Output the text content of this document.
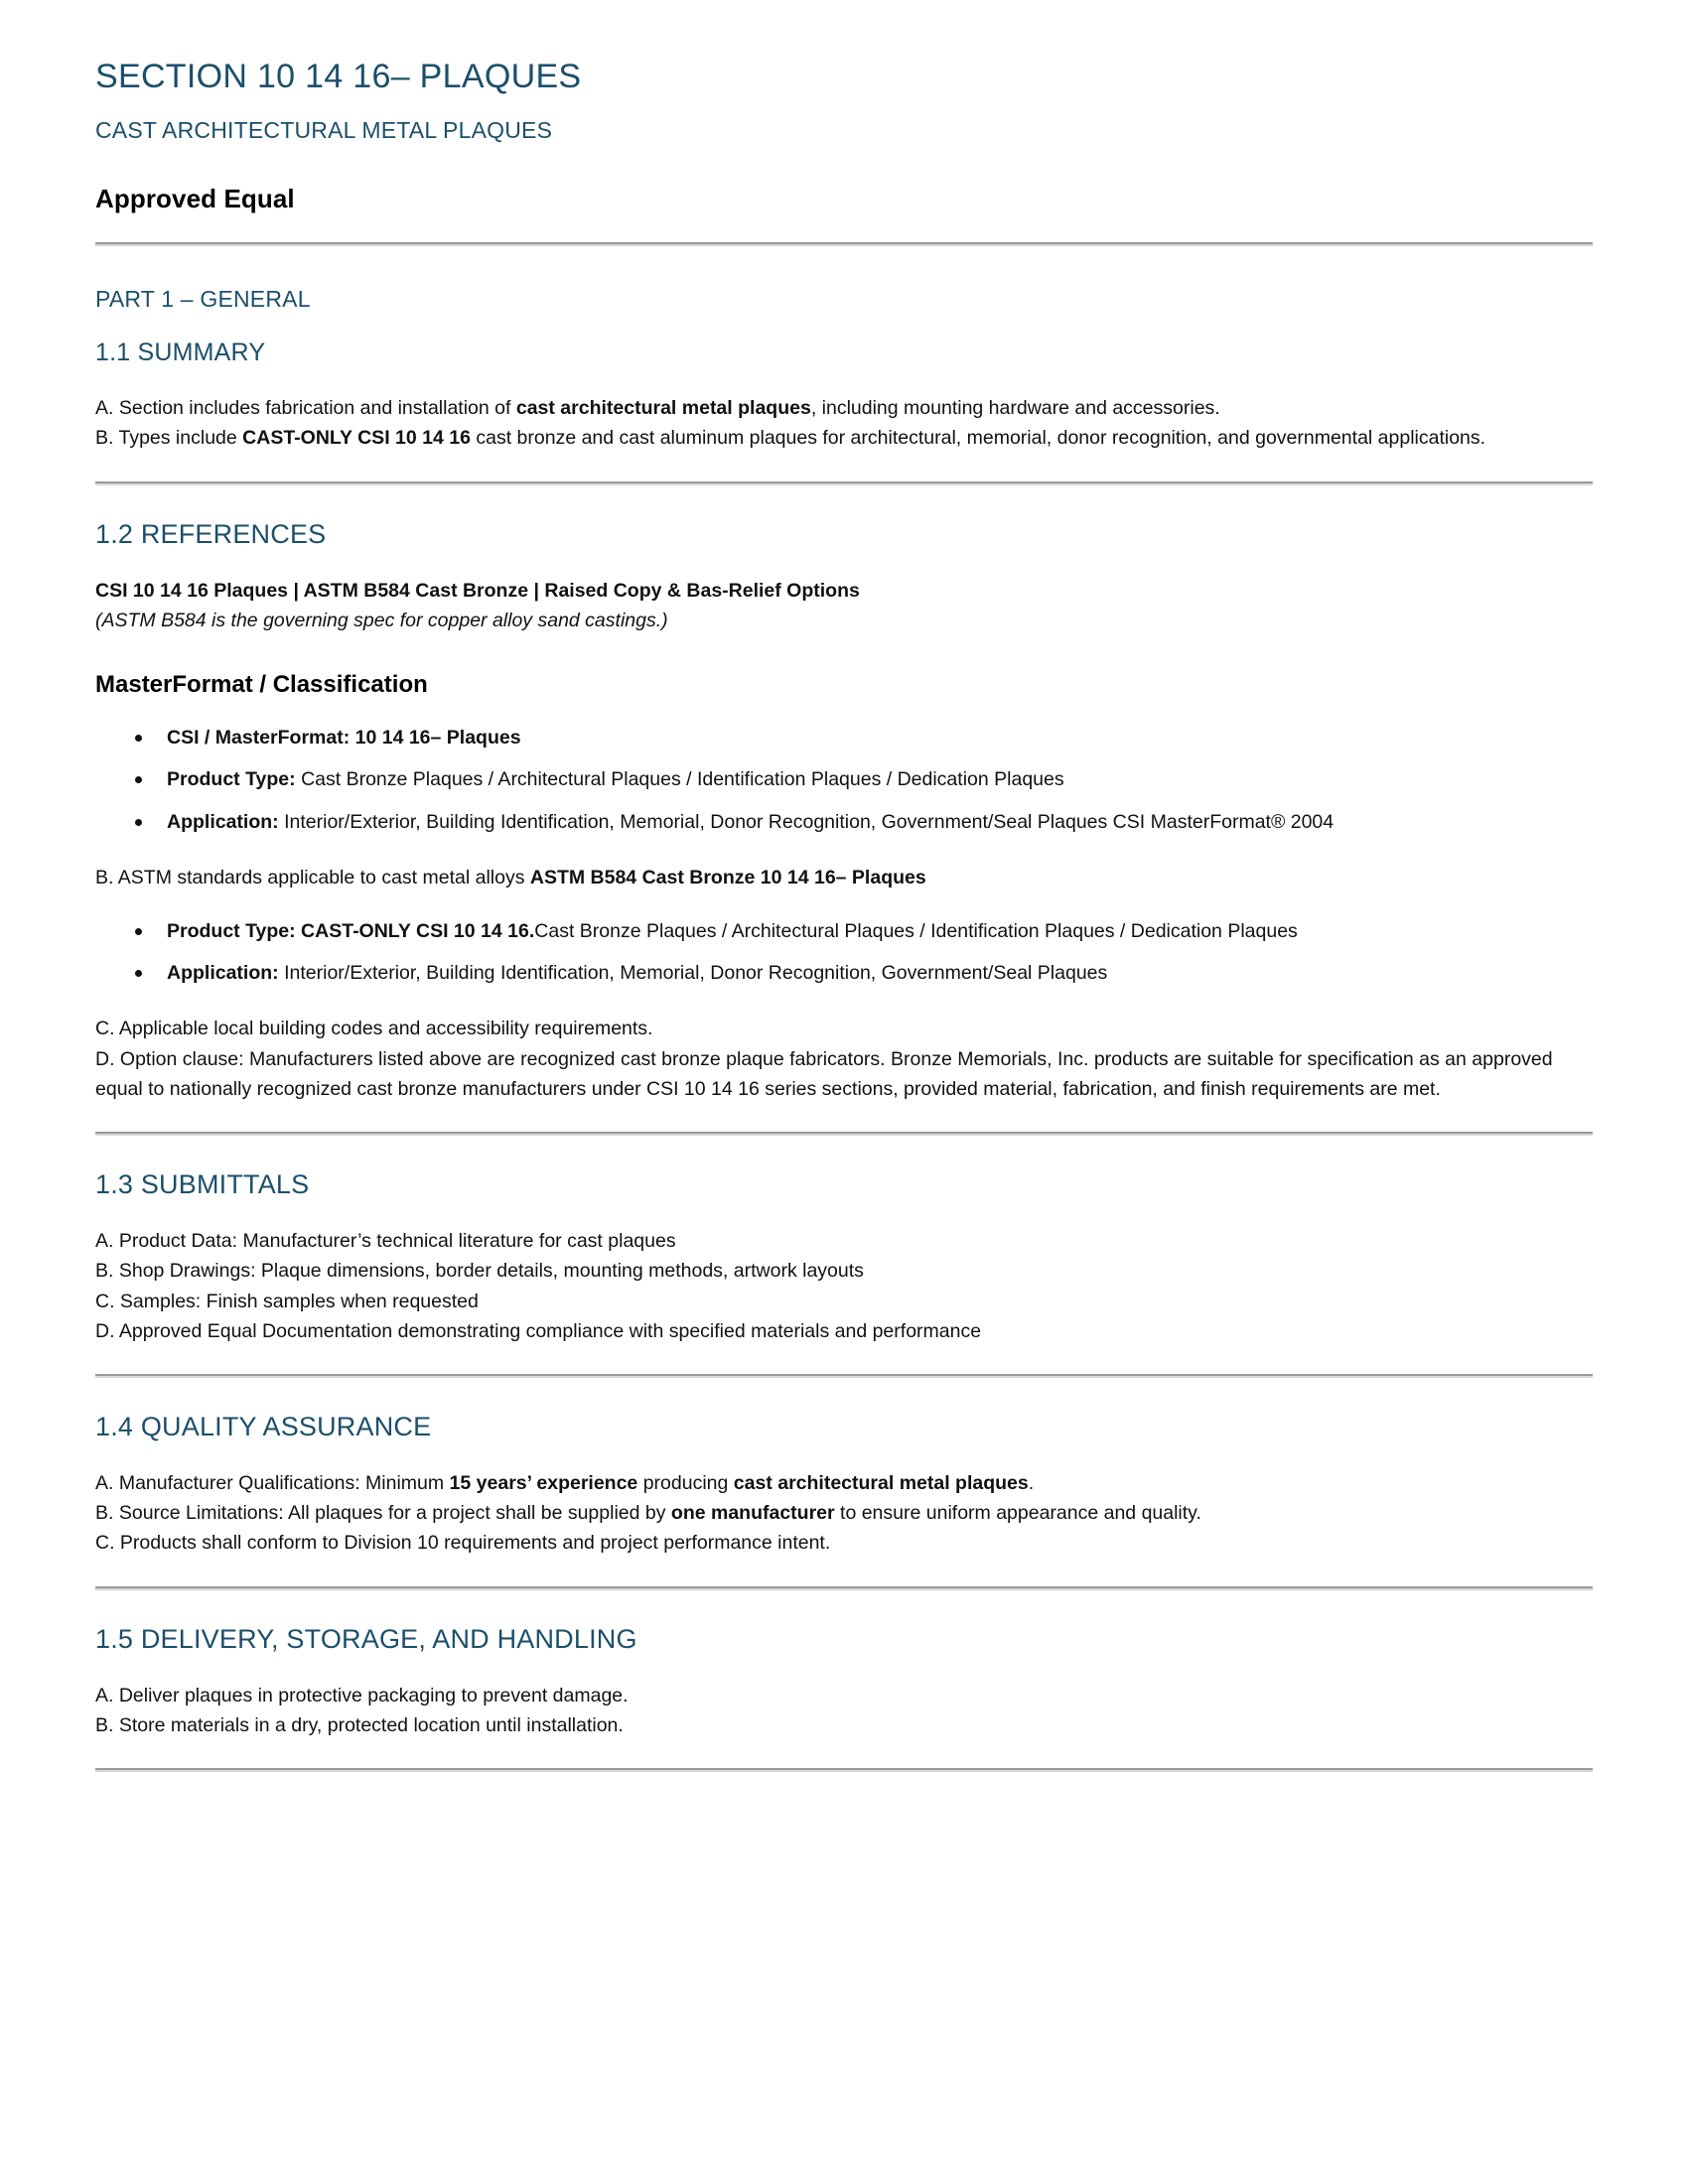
SECTION 10 14 16– PLAQUES
CAST ARCHITECTURAL METAL PLAQUES
Approved Equal
PART 1 – GENERAL
1.1 SUMMARY

A. Section includes fabrication and installation of cast architectural metal plaques, including mounting hardware and accessories.

B. Types include CAST-ONLY CSI 10 14 16 cast bronze and cast aluminum plaques for architectural, memorial, donor recognition, and governmental applications.

1.2 REFERENCES

CSI 10 14 16 Plaques | ASTM B584 Cast Bronze | Raised Copy & Bas-Relief Options

(ASTM B584 is the governing spec for copper alloy sand castings.)

MasterFormat / Classification
CSI / MasterFormat: 10 14 16– Plaques
Product Type: Cast Bronze Plaques / Architectural Plaques / Identification Plaques / Dedication Plaques
Application: Interior/Exterior, Building Identification, Memorial, Donor Recognition, Government/Seal Plaques CSI MasterFormat® 2004

B. ASTM standards applicable to cast metal alloys ASTM B584 Cast Bronze 10 14 16– Plaques

Product Type: CAST-ONLY CSI 10 14 16.Cast Bronze Plaques / Architectural Plaques / Identification Plaques / Dedication Plaques
Application: Interior/Exterior, Building Identification, Memorial, Donor Recognition, Government/Seal Plaques

C. Applicable local building codes and accessibility requirements.

D. Option clause: Manufacturers listed above are recognized cast bronze plaque fabricators. Bronze Memorials, Inc. products are suitable for specification as an approved equal to nationally recognized cast bronze manufacturers under CSI 10 14 16 series sections, provided material, fabrication, and finish requirements are met.

1.3 SUBMITTALS

A. Product Data: Manufacturer’s technical literature for cast plaques

B. Shop Drawings: Plaque dimensions, border details, mounting methods, artwork layouts

C. Samples: Finish samples when requested

D. Approved Equal Documentation demonstrating compliance with specified materials and performance

1.4 QUALITY ASSURANCE

A. Manufacturer Qualifications: Minimum 15 years’ experience producing cast architectural metal plaques.

B. Source Limitations: All plaques for a project shall be supplied by one manufacturer to ensure uniform appearance and quality.

C. Products shall conform to Division 10 requirements and project performance intent.

1.5 DELIVERY, STORAGE, AND HANDLING

A. Deliver plaques in protective packaging to prevent damage.

B. Store materials in a dry, protected location until installation.
